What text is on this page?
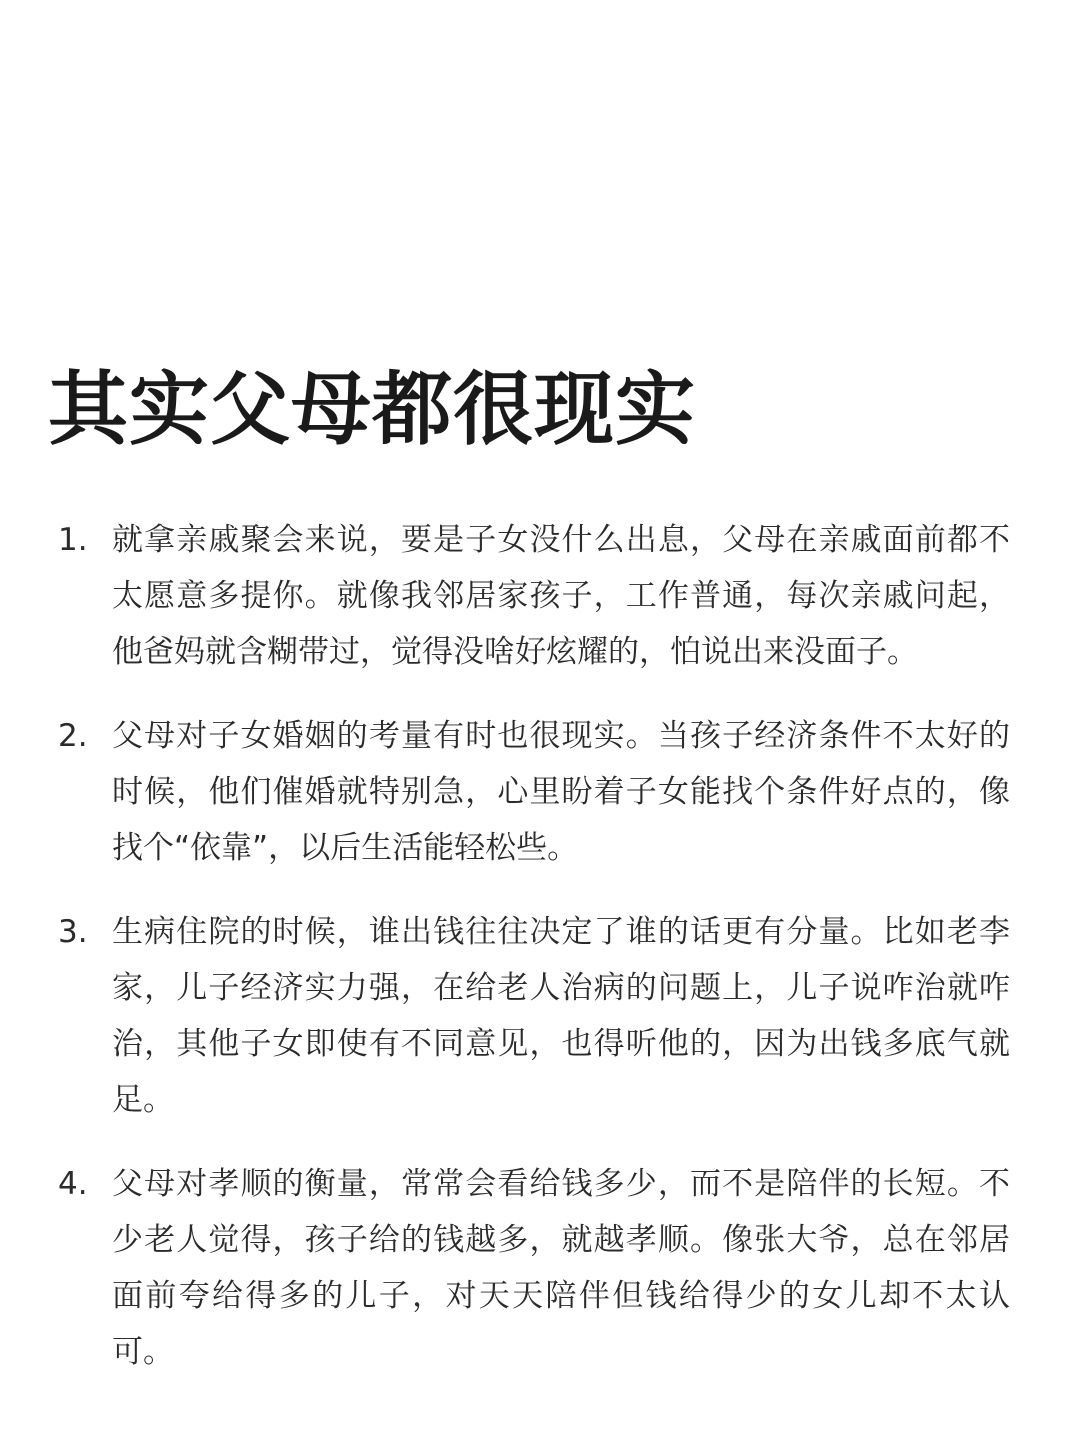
其实父母都很现实
1. 就拿亲戚聚会来说，要是子女没什么出息，父母在亲戚面前都不太愿意多提你。就像我邻居家孩子，工作普通，每次亲戚问起，他爸妈就含糊带过，觉得没啥好炫耀的，怕说出来没面子。
2. 父母对子女婚姻的考量有时也很现实。当孩子经济条件不太好的时候，他们催婚就特别急，心里盼着子女能找个条件好点的，像找个“依靠”，以后生活能轻松些。
3. 生病住院的时候，谁出钱往往决定了谁的话更有分量。比如老李家，儿子经济实力强，在给老人治病的问题上，儿子说咋治就咋治，其他子女即使有不同意见，也得听他的，因为出钱多底气就足。
4. 父母对孝顺的衡量，常常会看给钱多少，而不是陪伴的长短。不少老人觉得，孩子给的钱越多，就越孝顺。像张大爷，总在邻居面前夸给得多的儿子，对天天陪伴但钱给得少的女儿却不太认可。
